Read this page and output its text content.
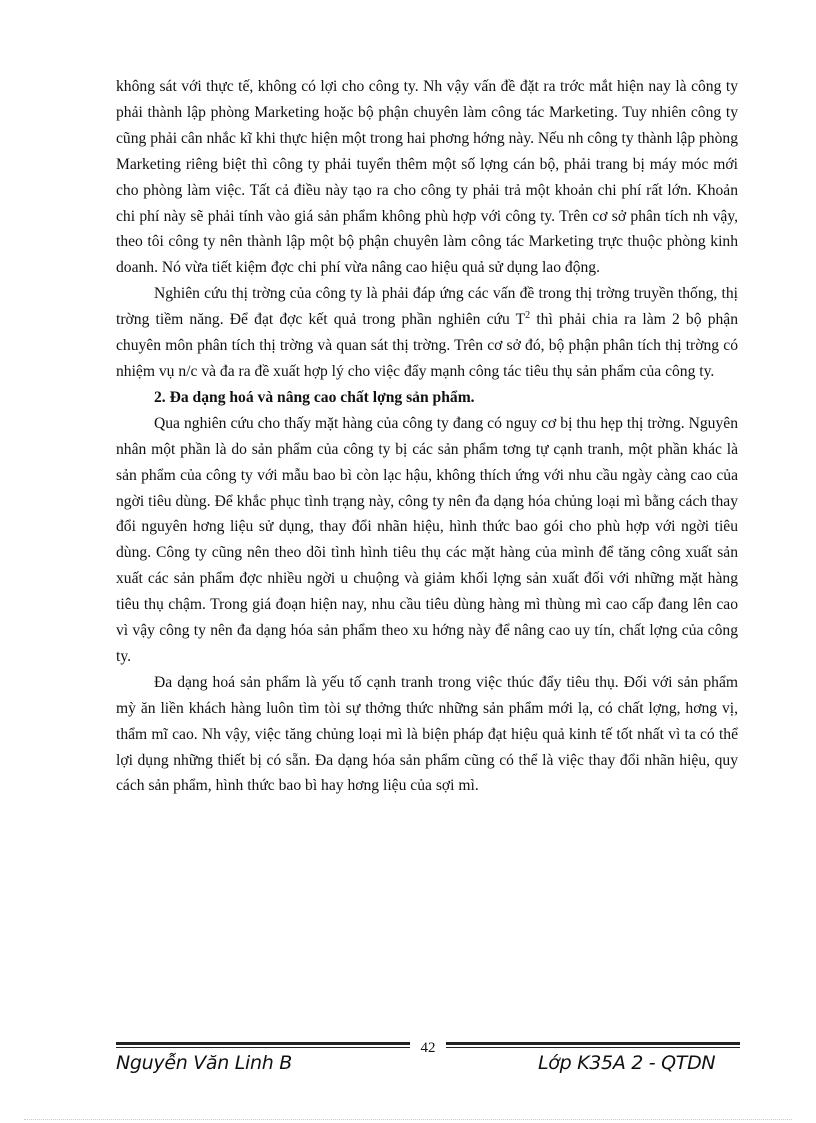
không sát với thực tế, không có lợi cho công ty. Nh vậy vấn đề đặt ra trớc mắt hiện nay là công ty phải thành lập phòng Marketing hoặc bộ phận chuyên làm công tác Marketing. Tuy nhiên công ty cũng phải cân nhắc kĩ khi thực hiện một trong hai phơng hớng này. Nếu nh công ty thành lập phòng Marketing riêng biệt thì công ty phải tuyển thêm một số lợng cán bộ, phải trang bị máy móc mới cho phòng làm việc. Tất cả điều này tạo ra cho công ty phải trả một khoản chi phí rất lớn. Khoản chi phí này sẽ phải tính vào giá sản phẩm không phù hợp với công ty. Trên cơ sở phân tích nh vậy, theo tôi công ty nên thành lập một bộ phận chuyên làm công tác Marketing trực thuộc phòng kinh doanh. Nó vừa tiết kiệm đợc chi phí vừa nâng cao hiệu quả sử dụng lao động.

Nghiên cứu thị trờng của công ty là phải đáp ứng các vấn đề trong thị trờng truyền thống, thị trờng tiềm năng. Để đạt đợc kết quả trong phần nghiên cứu $T^2$ thì phải chia ra làm 2 bộ phận chuyên môn phân tích thị trờng và quan sát thị trờng. Trên cơ sở đó, bộ phận phân tích thị trờng có nhiệm vụ n/c và đa ra đề xuất hợp lý cho việc đẩy mạnh công tác tiêu thụ sản phẩm của công ty.

2. Đa dạng hoá và nâng cao chất lợng sản phẩm.

Qua nghiên cứu cho thấy mặt hàng của công ty đang có nguy cơ bị thu hẹp thị trờng. Nguyên nhân một phần là do sản phẩm của công ty bị các sản phẩm tơng tự cạnh tranh, một phần khác là sản phẩm của công ty với mẫu bao bì còn lạc hậu, không thích ứng với nhu cầu ngày càng cao của ngời tiêu dùng. Để khắc phục tình trạng này, công ty nên đa dạng hóa chủng loại mì bằng cách thay đổi nguyên hơng liệu sử dụng, thay đổi nhãn hiệu, hình thức bao gói cho phù hợp với ngời tiêu dùng. Công ty cũng nên theo dõi tình hình tiêu thụ các mặt hàng của mình để tăng công xuất sản xuất các sản phẩm đợc nhiều ngời u chuộng và giảm khối lợng sản xuất đối với những mặt hàng tiêu thụ chậm. Trong giá đoạn hiện nay, nhu cầu tiêu dùng hàng mì thùng mì cao cấp đang lên cao vì vậy công ty nên đa dạng hóa sản phẩm theo xu hớng này để nâng cao uy tín, chất lợng của công ty.

Đa dạng hoá sản phẩm là yếu tố cạnh tranh trong việc thúc đẩy tiêu thụ. Đối với sản phẩm mỳ ăn liền khách hàng luôn tìm tòi sự thởng thức những sản phẩm mới lạ, có chất lợng, hơng vị, thẩm mĩ cao. Nh vậy, việc tăng chủng loại mì là biện pháp đạt hiệu quả kinh tế tốt nhất vì ta có thể lợi dụng những thiết bị có sẵn. Đa dạng hóa sản phẩm cũng có thể là việc thay đổi nhãn hiệu, quy cách sản phẩm, hình thức bao bì hay hơng liệu của sợi mì.

42
Nguyễn Văn Linh B	Lớp K35A 2 - QTDN
